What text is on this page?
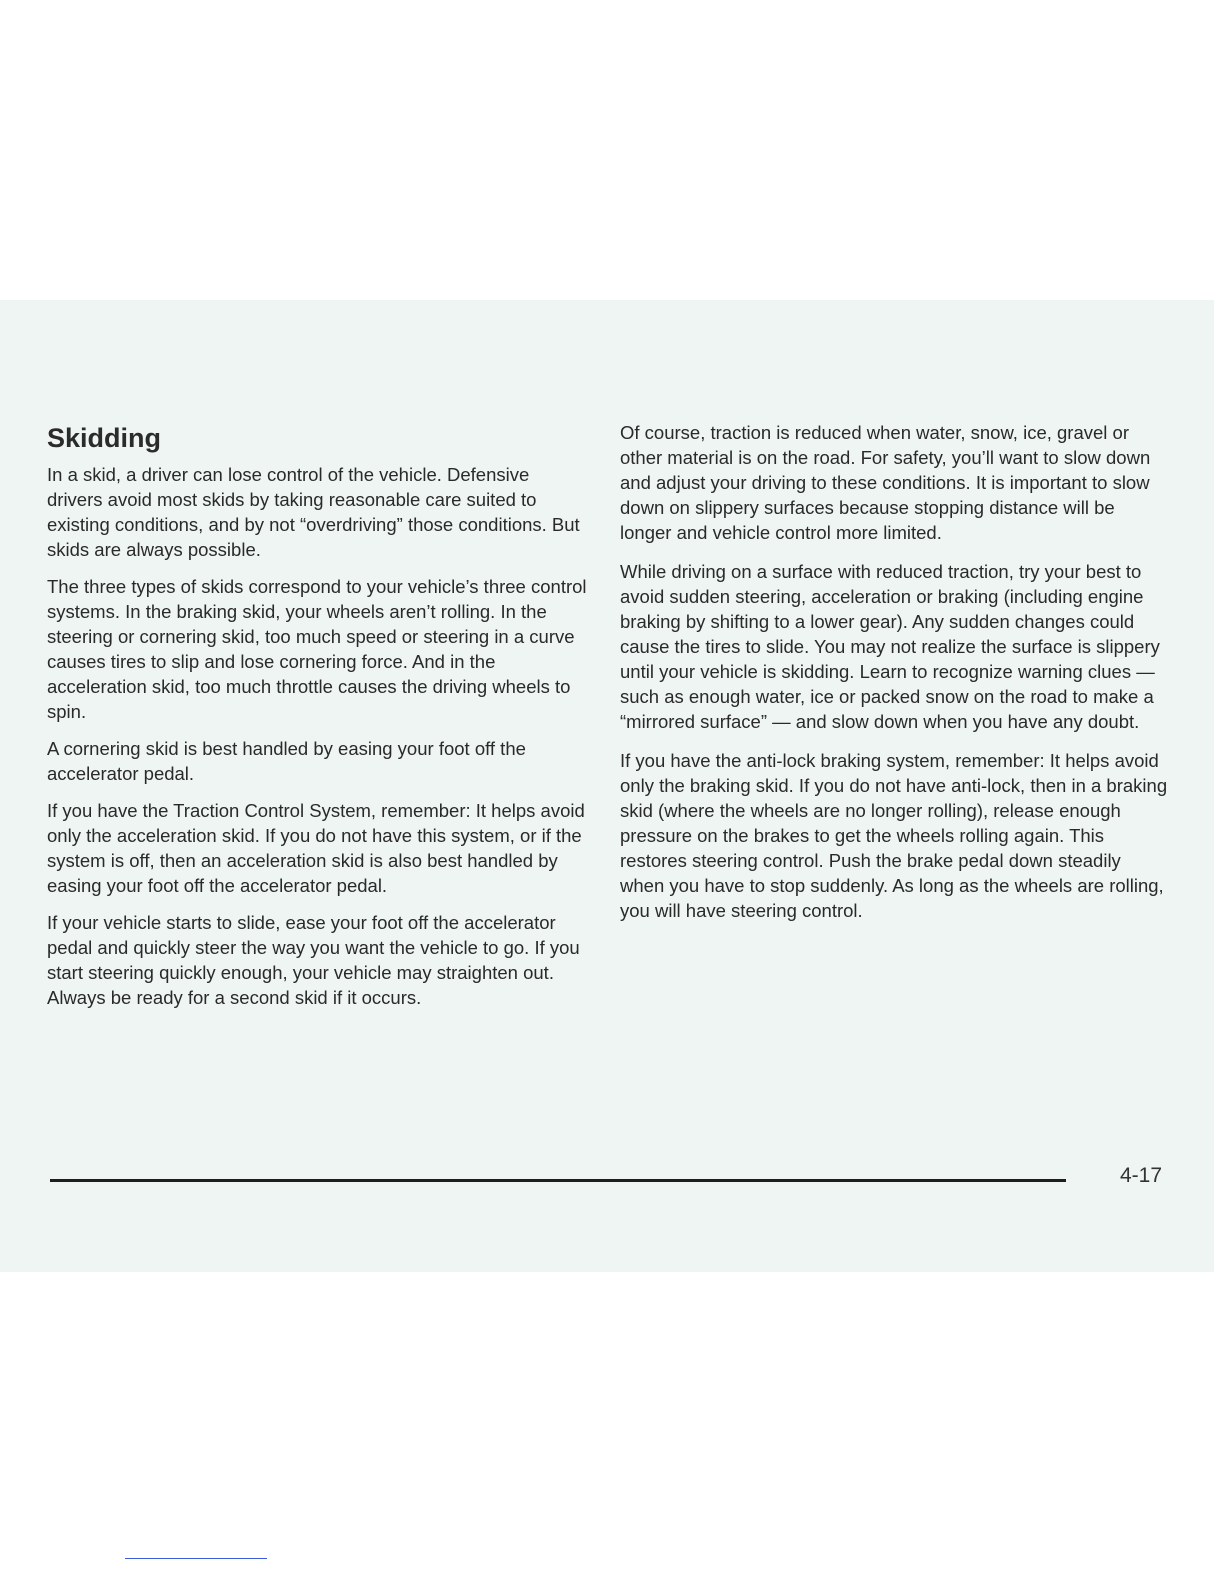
Skidding

In a skid, a driver can lose control of the vehicle. Defensive drivers avoid most skids by taking reasonable care suited to existing conditions, and by not “overdriving” those conditions. But skids are always possible.

The three types of skids correspond to your vehicle’s three control systems. In the braking skid, your wheels aren’t rolling. In the steering or cornering skid, too much speed or steering in a curve causes tires to slip and lose cornering force. And in the acceleration skid, too much throttle causes the driving wheels to spin.

A cornering skid is best handled by easing your foot off the accelerator pedal.

If you have the Traction Control System, remember: It helps avoid only the acceleration skid. If you do not have this system, or if the system is off, then an acceleration skid is also best handled by easing your foot off the accelerator pedal.

If your vehicle starts to slide, ease your foot off the accelerator pedal and quickly steer the way you want the vehicle to go. If you start steering quickly enough, your vehicle may straighten out. Always be ready for a second skid if it occurs.

Of course, traction is reduced when water, snow, ice, gravel or other material is on the road. For safety, you’ll want to slow down and adjust your driving to these conditions. It is important to slow down on slippery surfaces because stopping distance will be longer and vehicle control more limited.

While driving on a surface with reduced traction, try your best to avoid sudden steering, acceleration or braking (including engine braking by shifting to a lower gear). Any sudden changes could cause the tires to slide. You may not realize the surface is slippery until your vehicle is skidding. Learn to recognize warning clues — such as enough water, ice or packed snow on the road to make a “mirrored surface” — and slow down when you have any doubt.

If you have the anti-lock braking system, remember: It helps avoid only the braking skid. If you do not have anti-lock, then in a braking skid (where the wheels are no longer rolling), release enough pressure on the brakes to get the wheels rolling again. This restores steering control. Push the brake pedal down steadily when you have to stop suddenly. As long as the wheels are rolling, you will have steering control.

4-17
